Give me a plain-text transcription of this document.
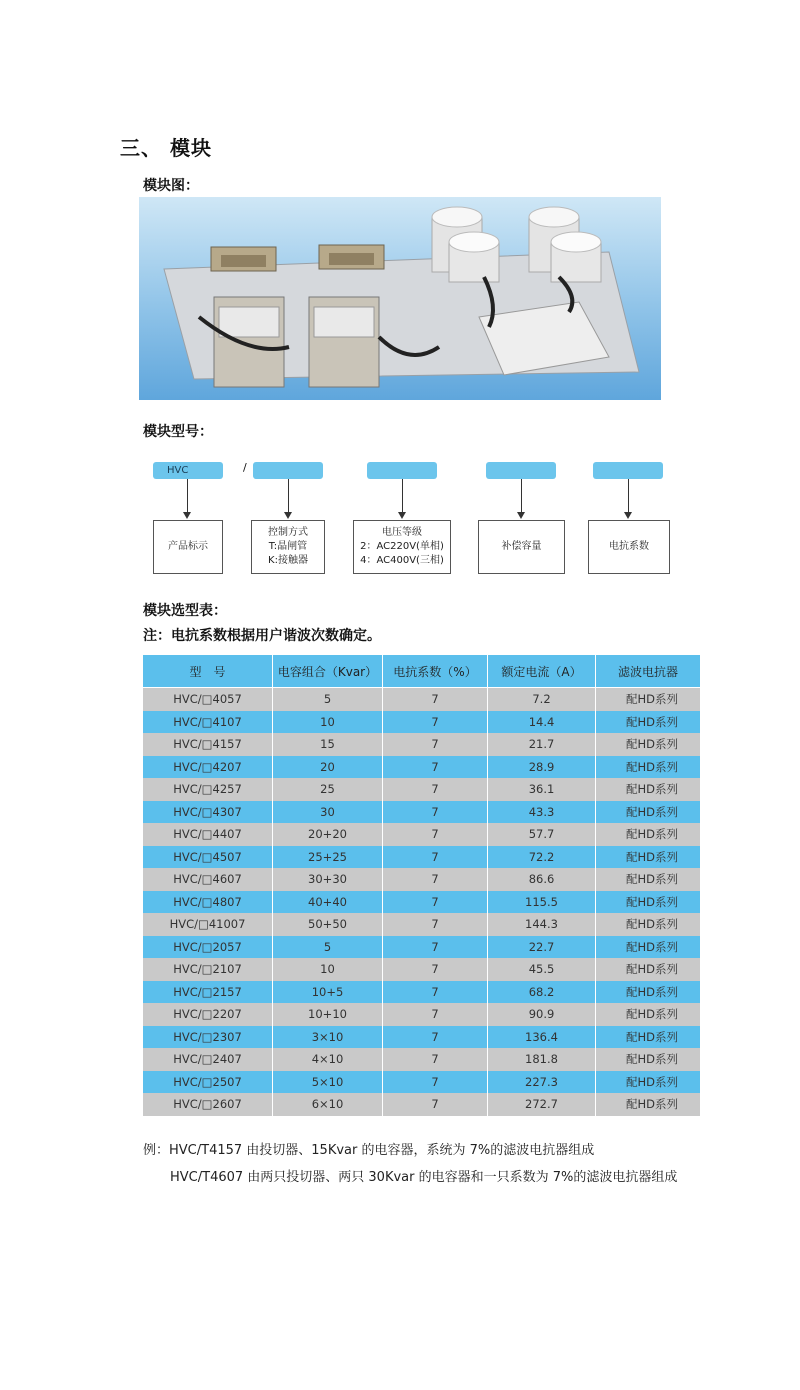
三、 模块
模块图：
模块型号：
HVC	/
产品标示
控制方式
T:晶闸管
K:接触器
电压等级
2：AC220V(单相)
4：AC400V(三相)
补偿容量	电抗系数
模块选型表：
注：电抗系数根据用户谐波次数确定。
型　号	电容组合（Kvar）	电抗系数（%）	额定电流（A）	滤波电抗器
HVC/□4057	5	7	7.2	配HD系列
HVC/□4107	10	7	14.4	配HD系列
HVC/□4157	15	7	21.7	配HD系列
HVC/□4207	20	7	28.9	配HD系列
HVC/□4257	25	7	36.1	配HD系列
HVC/□4307	30	7	43.3	配HD系列
HVC/□4407	20+20	7	57.7	配HD系列
HVC/□4507	25+25	7	72.2	配HD系列
HVC/□4607	30+30	7	86.6	配HD系列
HVC/□4807	40+40	7	115.5	配HD系列
HVC/□41007	50+50	7	144.3	配HD系列
HVC/□2057	5	7	22.7	配HD系列
HVC/□2107	10	7	45.5	配HD系列
HVC/□2157	10+5	7	68.2	配HD系列
HVC/□2207	10+10	7	90.9	配HD系列
HVC/□2307	3×10	7	136.4	配HD系列
HVC/□2407	4×10	7	181.8	配HD系列
HVC/□2507	5×10	7	227.3	配HD系列
HVC/□2607	6×10	7	272.7	配HD系列
例：HVC/T4157 由投切器、15Kvar 的电容器，系统为 7%的滤波电抗器组成
HVC/T4607 由两只投切器、两只 30Kvar 的电容器和一只系数为 7%的滤波电抗器组成
